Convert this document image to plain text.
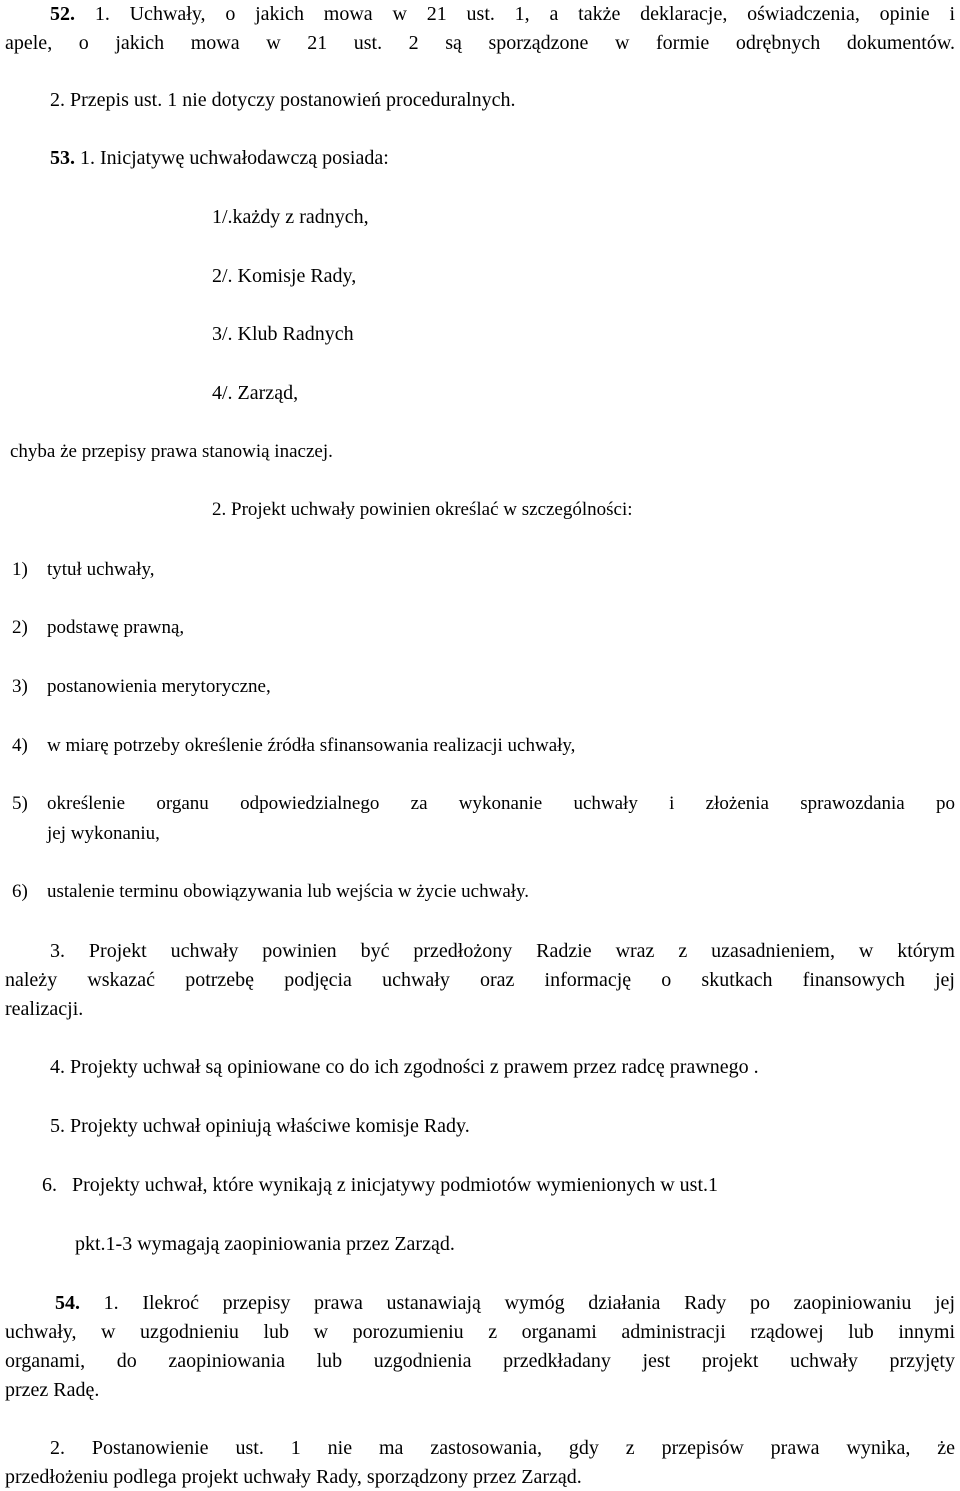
52. 1. Uchwały, o jakich mowa w 21 ust. 1, a także deklaracje, oświadczenia, opinie i
apele, o jakich mowa w 21 ust. 2 są sporządzone w formie odrębnych dokumentów.
2. Przepis ust. 1 nie dotyczy postanowień proceduralnych.
53. 1. Inicjatywę uchwałodawczą posiada:
1/.każdy z radnych,
2/. Komisje Rady,
3/. Klub Radnych
4/. Zarząd,
chyba że przepisy prawa stanowią inaczej.
2. Projekt uchwały powinien określać w szczególności:
1) tytuł uchwały,
2) podstawę prawną,
3) postanowienia merytoryczne,
4) w miarę potrzeby określenie źródła sfinansowania realizacji uchwały,
5) określenie organu odpowiedzialnego za wykonanie uchwały i złożenia sprawozdania po
jej wykonaniu,
6) ustalenie terminu obowiązywania lub wejścia w życie uchwały.
3. Projekt uchwały powinien być przedłożony Radzie wraz z uzasadnieniem, w którym
należy wskazać potrzebę podjęcia uchwały oraz informację o skutkach finansowych jej
realizacji.
4. Projekty uchwał są opiniowane co do ich zgodności z prawem przez radcę prawnego .
5. Projekty uchwał opiniują właściwe komisje Rady.
6. Projekty uchwał, które wynikają z inicjatywy podmiotów wymienionych w ust.1
pkt.1-3 wymagają zaopiniowania przez Zarząd.
54. 1. Ilekroć przepisy prawa ustanawiają wymóg działania Rady po zaopiniowaniu jej
uchwały, w uzgodnieniu lub w porozumieniu z organami administracji rządowej lub innymi
organami, do zaopiniowania lub uzgodnienia przedkładany jest projekt uchwały przyjęty
przez Radę.
2. Postanowienie ust. 1 nie ma zastosowania, gdy z przepisów prawa wynika, że
przedłożeniu podlega projekt uchwały Rady, sporządzony przez Zarząd.
